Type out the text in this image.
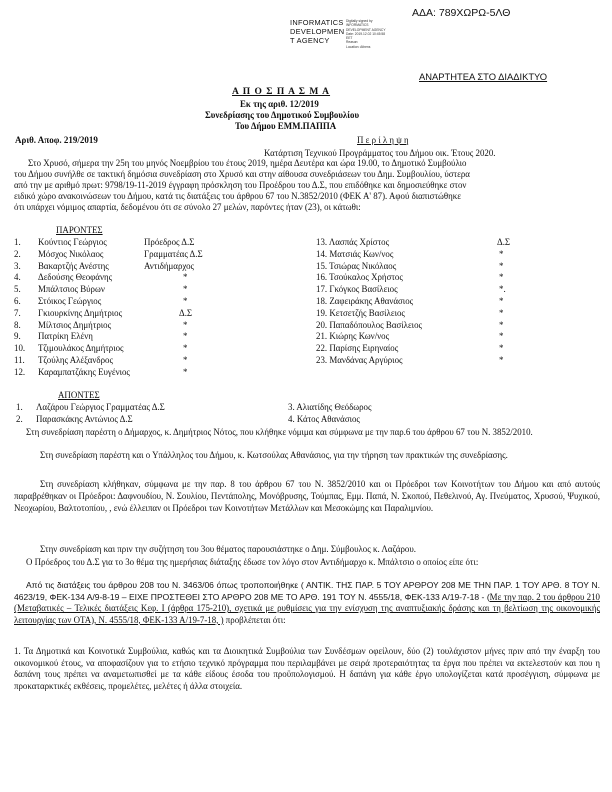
ΑΔΑ: 789ΧΩΡΩ-5ΛΘ
INFORMATICS
DEVELOPMEN
T AGENCY
Digitally signed by
INFORMATICS
DEVELOPMENT AGENCY
Date: 2019.12.02 10:45:58
EET
Reason:
Location: Athens
ΑΝΑΡΤΗΤΕΑ ΣΤΟ ΔΙΑΔΙΚΤΥΟ
Α Π Ο Σ Π Α Σ Μ Α
Εκ της αριθ. 12/2019
Συνεδρίασης του Δημοτικού Συμβουλίου
Του Δήμου ΕΜΜ.ΠΑΠΠΑ
Αριθ. Αποφ. 219/2019	Π ε ρ ί λ η ψ η
Κατάρτιση Τεχνικού Προγράμματος του Δήμου οικ. Έτους 2020.
Στο Χρυσό, σήμερα την 25η του μηνός Νοεμβρίου του έτους 2019, ημέρα Δευτέρα και ώρα 19.00, το Δημοτικό Συμβούλιο
του Δήμου συνήλθε σε τακτική δημόσια συνεδρίαση στο Χρυσό και στην αίθουσα συνεδριάσεων του Δημ. Συμβουλίου, ύστερα
από την με αριθμό πρωτ: 9798/19-11-2019 έγγραφη πρόσκληση του Προέδρου του Δ.Σ, που επιδόθηκε και δημοσιεύθηκε στον
ειδικό χώρο ανακοινώσεων του Δήμου, κατά τις διατάξεις του άρθρου 67 του Ν.3852/2010 (ΦΕΚ Α' 87). Αφού διαπιστώθηκε
ότι υπάρχει νόμιμος απαρτία, δεδομένου ότι σε σύνολο 27 μελών, παρόντες ήταν (23), οι κάτωθι:
ΠΑΡΟΝΤΕΣ
1. Κούντιος Γεώργιος	Πρόεδρος Δ.Σ
2. Μόσχος Νικόλαος	Γραμματέας Δ.Σ
3. Βακαρτζής Ανέστης	Αντιδήμαρχος
4. Δεδούσης Θεοφάνης	*
5. Μπάλτσιος Βύρων	*
6. Στόικος Γεώργιος	*
7. Γκιουρκίνης Δημήτριος	Δ.Σ
8. Μίλτσιος Δημήτριος	*
9. Πατρίκη Ελένη	*
10. Τζιμουλάκος Δημήτριος	*
11. Τζούλης Αλέξανδρος	*
12. Καραμπατζάκης Ευγένιος	*
13. Λασπάς Χρίστος	Δ.Σ
14. Ματσιάς Κων/νος	*
15. Τσιώρας Νικόλαος	*
16. Τσούκαλος Χρήστος	*
17. Γκόγκος Βασίλειος	*.
18. Ζαφειράκης Αθανάσιος	*
19. Κετσετζής Βασίλειος	*
20. Παπαδόπουλος Βασίλειος	*
21. Κιώρης Κων/νος	*
22. Παρίσης Ειρηναίος	*
23. Μανδάνας Αργύριος	*
ΑΠΟΝΤΕΣ
1. Λαζάρου Γεώργιος Γραμματέας Δ.Σ	3. Αλιατίδης Θεόδωρος
2. Παρασκάκης Αντώνιος Δ.Σ	4. Κάτος Αθανάσιος
Στη συνεδρίαση παρέστη ο Δήμαρχος, κ. Δημήτριος Νότος, που κλήθηκε νόμιμα και σύμφωνα με την παρ.6 του άρθρου 67 του Ν. 3852/2010.
Στη συνεδρίαση παρέστη και ο Υπάλληλος του Δήμου, κ. Κωτσούλας Αθανάσιος, για την τήρηση των πρακτικών της συνεδρίασης.
Στη συνεδρίαση κλήθηκαν, σύμφωνα με την παρ. 8 του άρθρου 67 του Ν. 3852/2010 και οι Πρόεδροι των Κοινοτήτων του Δήμου και από αυτούς παραβρέθηκαν οι Πρόεδροι: Δαφνουδίου, Ν. Σουλίου, Πεντάπολης, Μονόβρυσης, Τούμπας, Εμμ. Παπά, Ν. Σκοπού, Πεθελινού, Αγ. Πνεύματος, Χρυσού, Ψυχικού, Νεοχωρίου, Βαλτοτοπίου, , ενώ έλλειπαν οι Πρόεδροι των Κοινοτήτων Μετάλλων και Μεσοκώμης και Παραλιμνίου.
Στην συνεδρίαση και πριν την συζήτηση του 3ου θέματος παρουσιάστηκε ο Δημ. Σύμβουλος κ. Λαζάρου.
Ο Πρόεδρος του Δ.Σ για το 3ο θέμα της ημερήσιας διάταξης έδωσε τον λόγο στον Αντιδήμαρχο κ. Μπάλτσιο ο οποίος είπε ότι:
Από τις διατάξεις του άρθρου 208 του Ν. 3463/06 όπως τροποποιήθηκε ( ΑΝΤΙΚ. ΤΗΣ ΠΑΡ. 5 ΤΟΥ ΑΡΘΡΟΥ 208 ΜΕ ΤΗΝ ΠΑΡ. 1 ΤΟΥ ΑΡΘ. 8 ΤΟΥ Ν. 4623/19, ΦΕΚ-134 Α/9-8-19 – ΕΙΧΕ ΠΡΟΣΤΕΘΕΙ ΣΤΟ ΑΡΘΡΟ 208 ΜΕ ΤΟ ΑΡΘ. 191 ΤΟΥ Ν. 4555/18, ΦΕΚ-133 Α/19-7-18 - (Με την παρ. 2 του άρθρου 210 (Μεταβατικές – Τελικές διατάξεις Κεφ. I (άρθρα 175-210), σχετικά με ρυθμίσεις για την ενίσχυση της αναπτυξιακής δράσης και τη βελτίωση της οικονομικής λειτουργίας των ΟΤΑ), Ν. 4555/18, ΦΕΚ-133 Α/19-7-18, ) προβλέπεται ότι:
1. Τα Δημοτικά και Κοινοτικά Συμβούλια, καθώς και τα Διοικητικά Συμβούλια των Συνδέσμων οφείλουν, δύο (2) τουλάχιστον μήνες πριν από την έναρξη του οικονομικού έτους, να αποφασίζουν για το ετήσιο τεχνικό πρόγραμμα που περιλαμβάνει με σειρά προτεραιότητας τα έργα που πρέπει να εκτελεστούν και που η δαπάνη τους πρέπει να αναμετωπισθεί με τα κάθε είδους έσοδα του προϋπολογισμού. Η δαπάνη για κάθε έργο υπολογίζεται κατά προσέγγιση, σύμφωνα με προκαταρκτικές εκθέσεις, προμελέτες, μελέτες ή άλλα στοιχεία.
